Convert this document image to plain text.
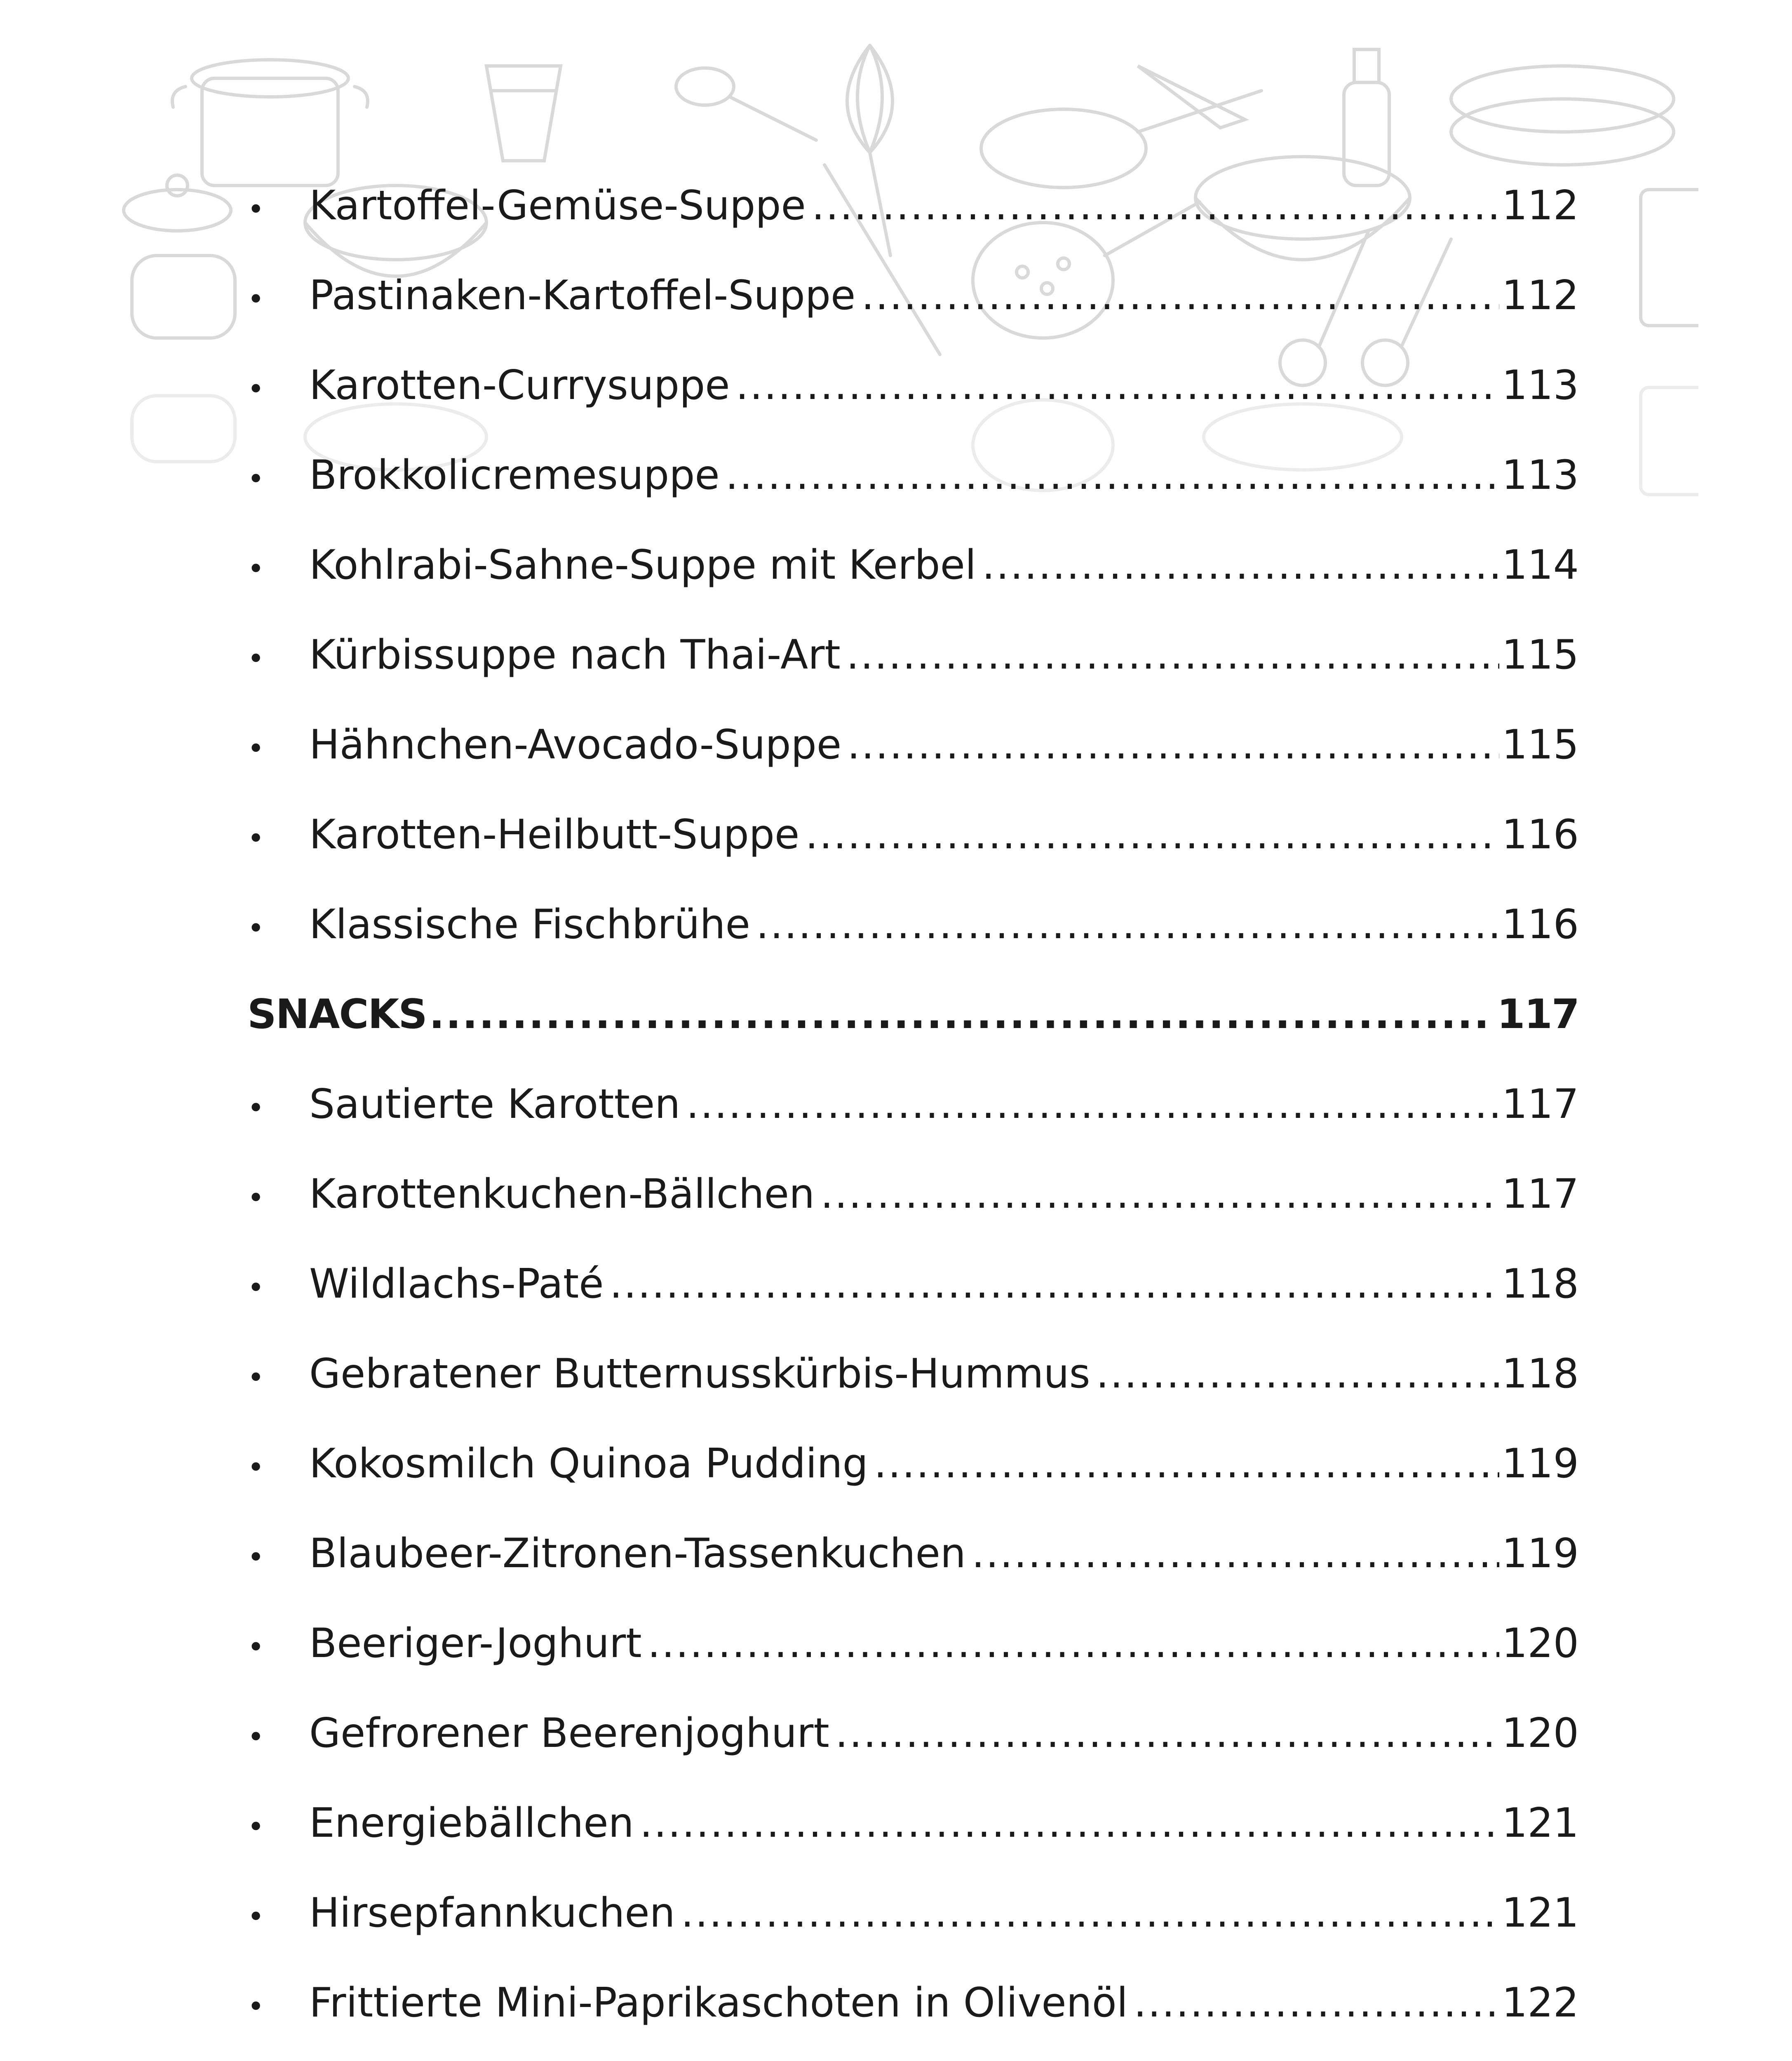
•	Kartoffel-Gemüse-Suppe .....	112
•	Pastinaken-Kartoffel-Suppe .....	112
•	Karotten-Currysuppe .....	113
•	Brokkolicremesuppe .....	113
•	Kohlrabi-Sahne-Suppe mit Kerbel .....	114
•	Kürbissuppe nach Thai-Art .....	115
•	Hähnchen-Avocado-Suppe .....	115
•	Karotten-Heilbutt-Suppe .....	116
•	Klassische Fischbrühe .....	116
SNACKS .....	117
•	Sautierte Karotten .....	117
•	Karottenkuchen-Bällchen .....	117
•	Wildlachs-Paté .....	118
•	Gebratener Butternusskürbis-Hummus .....	118
•	Kokosmilch Quinoa Pudding .....	119
•	Blaubeer-Zitronen-Tassenkuchen .....	119
•	Beeriger-Joghurt .....	120
•	Gefrorener Beerenjoghurt .....	120
•	Energiebällchen .....	121
•	Hirsepfannkuchen .....	121
•	Frittierte Mini-Paprikaschoten in Olivenöl .....	122
.....
